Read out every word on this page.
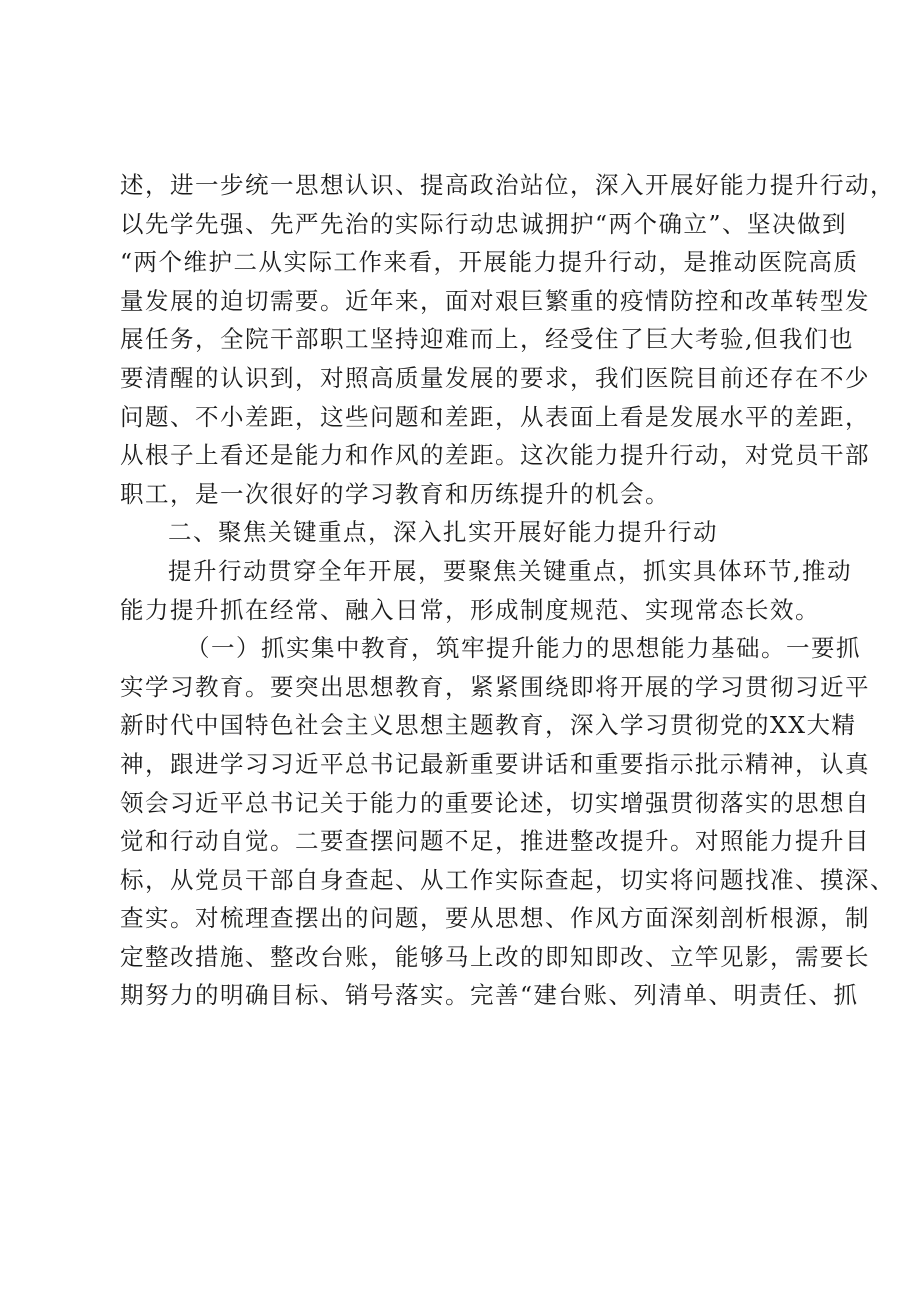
述，进一步统一思想认识、提高政治站位，深入开展好能力提升行动，
以先学先强、先严先治的实际行动忠诚拥护“两个确立”、坚决做到
“两个维护二从实际工作来看，开展能力提升行动，是推动医院高质
量发展的迫切需要。近年来，面对艰巨繁重的疫情防控和改革转型发
展任务，全院干部职工坚持迎难而上，经受住了巨大考验,但我们也
要清醒的认识到，对照高质量发展的要求，我们医院目前还存在不少
问题、不小差距，这些问题和差距，从表面上看是发展水平的差距，
从根子上看还是能力和作风的差距。这次能力提升行动，对党员干部
职工，是一次很好的学习教育和历练提升的机会。
二、聚焦关键重点，深入扎实开展好能力提升行动
提升行动贯穿全年开展，要聚焦关键重点，抓实具体环节,推动
能力提升抓在经常、融入日常，形成制度规范、实现常态长效。
（一）抓实集中教育，筑牢提升能力的思想能力基础。一要抓
实学习教育。要突出思想教育，紧紧围绕即将开展的学习贯彻习近平
新时代中国特色社会主义思想主题教育，深入学习贯彻党的XX大精
神，跟进学习习近平总书记最新重要讲话和重要指示批示精神，认真
领会习近平总书记关于能力的重要论述，切实增强贯彻落实的思想自
觉和行动自觉。二要查摆问题不足，推进整改提升。对照能力提升目
标，从党员干部自身查起、从工作实际查起，切实将问题找准、摸深、
查实。对梳理查摆出的问题，要从思想、作风方面深刻剖析根源，制
定整改措施、整改台账，能够马上改的即知即改、立竿见影，需要长
期努力的明确目标、销号落实。完善“建台账、列清单、明责任、抓
